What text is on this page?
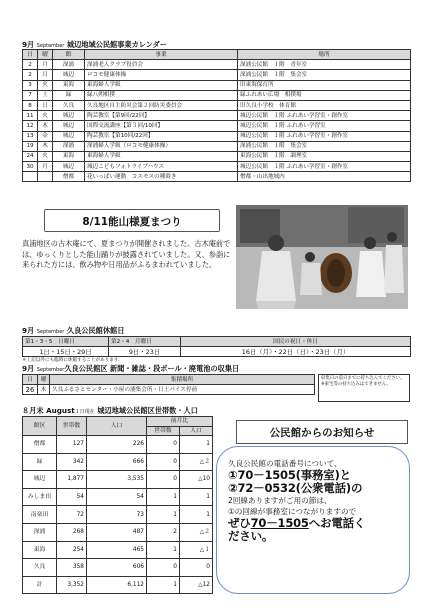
9月 September 城辺地域公民館事業カレンダー
日	曜	館	事業	場所
2	月	深浦	深浦老人クラブ役員会	深浦公民館　１階　青年室
2	月	城辺	ロコモ健康体操	深浦公民館　１階　集会室
3	火	東海	東海婦人学級	旧東海保育所
7	土	緑	緑八朔相撲	緑ふれあい広場　相撲場
8	日	久良	久良地区自主防災会第２回防災委員会	旧久良小学校　体育館
11	火	城辺	陶芸教室【第9回/22回】	城辺公民館　１階 ふれあい学習室・創作室
12	木	城辺	国際交流講座【第３回/10回】	城辺公民館　１階 ふれあい学習室
13	金	城辺	陶芸教室【第10回/22回】	城辺公民館　１階 ふれあい学習室・創作室
19	木	深浦	深浦婦人学級（ロコモ健康体操）	深浦公民館　１階　集会室
24	火	東海	東海婦人学級	東海公民館　１階　調理室
30	月	城辺	城辺こどもフォトライブハウス	城辺公民館　１階 ふれあい学習室・創作室
		僧都	花いっぱい運動　コスモスの種蒔き	僧都・山出地域内
8/11能山様夏まつり
真浦地区の古木庵にて、夏まつりが開催されました。古木庵前では、ゆっくりとした能山踊りが披露されていました。又、参詣に来られた方には、飲み物や日用品がふるまわれていました。
9月 September 久良公民館休館日
第1・3・5　日曜日	第2・4　月曜日	国民の祝日・休日
1日・15日・29日	9日・23日	16日（月）・22日（日）・23日（月）
＊上記以外にも臨時に休館することがあります。
9月 September久良公民館区 新聞・雑誌・段ボール・廃電池の収集日
日	曜	集積場所
26	木	久良ふるさとセンター・小屋の浦集会所・日土パイス停前
収集日の前日までに持ち込んでください。
※東宅等の持ち込みはできません。
８月末 August１日現在 城辺地域公民館区世帯数・人口
館区	世帯数	人口	前月比	
			世帯数	人口
僧都	127	226	0	1
緑	342	666	0	△２
城辺	1,877	3,535	0	△10
みしま田	54	54	1	1
南楽田	72	73	1	1
深浦	268	487	2	△２
東海	254	465	1	△１
久良	358	606	0	0
計	3,352	6,112	1	△12
公民館からのお知らせ
久良公民館の電話番号について、
①70－1505(事務室)と
②72－0532(公衆電話)の
2回線ありますがご用の節は、
①の回線が事務室につながりますので
ぜひ70－1505へお電話く
ださい。
